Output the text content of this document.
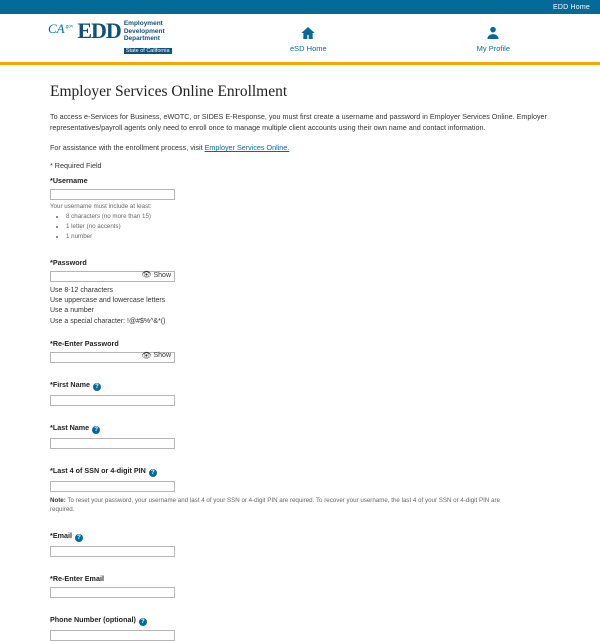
EDD Home
$CA^{.gov}$ EDD Employment
Development
Department
State of California	eSD Home	My Profile
Employer Services Online Enrollment

To access e-Services for Business, eWOTC, or SIDES E-Response, you must first create a username and password in Employer Services Online. Employer representatives/payroll agents only need to enroll once to manage multiple client accounts using their own name and contact information.

For assistance with the enrollment process, visit Employer Services Online.

* Required Field
*Username
Your username must include at least:
• 8 characters (no more than 15)
• 1 letter (no accents)
• 1 number
*Password
👁 Show
Use 8-12 characters
Use uppercase and lowercase letters
Use a number
Use a special character: !@#$%^&*()
*Re-Enter Password
👁 Show
*First Name ?
*Last Name ?
*Last 4 of SSN or 4-digit PIN ?
Note: To reset your password, your username and last 4 of your SSN or 4-digit PIN are required. To recover your username, the last 4 of your SSN or 4-digit PIN are required.
*Email ?
*Re-Enter Email
Phone Number (optional) ?
